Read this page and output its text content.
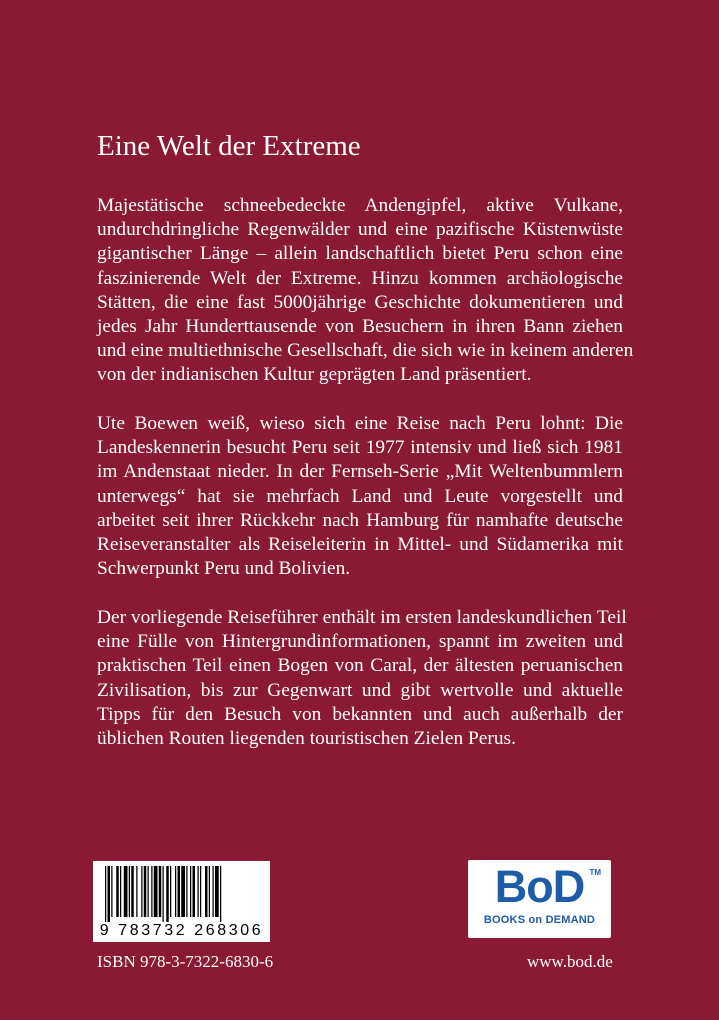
Eine Welt der Extreme

Majestätische schneebedeckte Andengipfel, aktive Vulkane,
undurchdringliche Regenwälder und eine pazifische Küstenwüste
gigantischer Länge – allein landschaftlich bietet Peru schon eine
faszinierende Welt der Extreme. Hinzu kommen archäologische
Stätten, die eine fast 5000jährige Geschichte dokumentieren und
jedes Jahr Hunderttausende von Besuchern in ihren Bann ziehen
und eine multiethnische Gesellschaft, die sich wie in keinem anderen
von der indianischen Kultur geprägten Land präsentiert.

Ute Boewen weiß, wieso sich eine Reise nach Peru lohnt: Die
Landeskennerin besucht Peru seit 1977 intensiv und ließ sich 1981
im Andenstaat nieder. In der Fernseh-Serie „Mit Weltenbummlern
unterwegs“ hat sie mehrfach Land und Leute vorgestellt und
arbeitet seit ihrer Rückkehr nach Hamburg für namhafte deutsche
Reiseveranstalter als Reiseleiterin in Mittel- und Südamerika mit
Schwerpunkt Peru und Bolivien.

Der vorliegende Reiseführer enthält im ersten landeskundlichen Teil
eine Fülle von Hintergrundinformationen, spannt im zweiten und
praktischen Teil einen Bogen von Caral, der ältesten peruanischen
Zivilisation, bis zur Gegenwart und gibt wertvolle und aktuelle
Tipps für den Besuch von bekannten und auch außerhalb der
üblichen Routen liegenden touristischen Zielen Perus.

9 783732 268306
ISBN 978-3-7322-6830-6
BoD TM
BOOKS on DEMAND
www.bod.de
